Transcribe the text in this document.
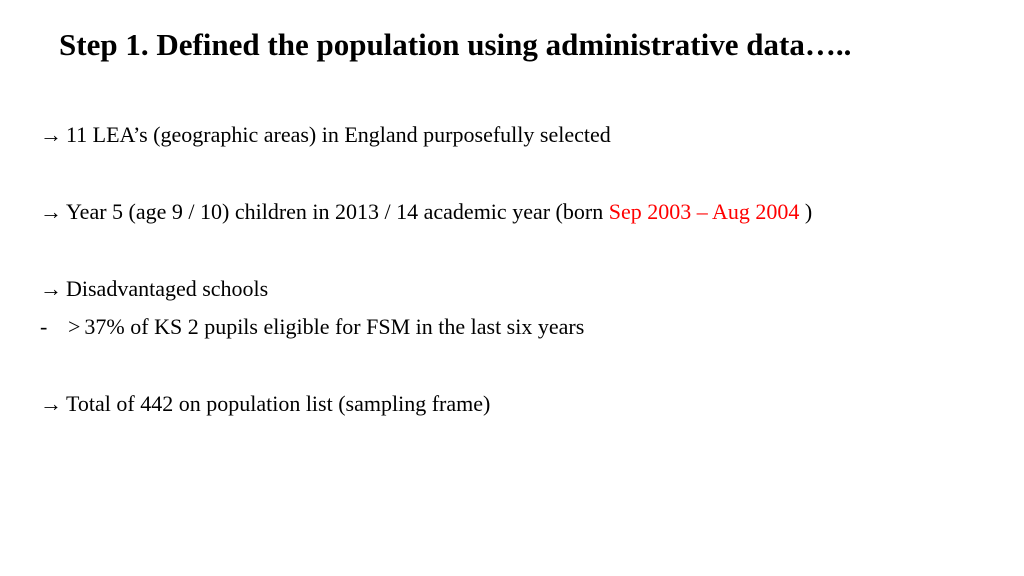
Step 1. Defined the population using administrative data…..
→ 11 LEA’s (geographic areas) in England purposefully selected
→ Year 5 (age 9 / 10) children in 2013 / 14 academic year (born Sep 2003 – Aug 2004 )
→ Disadvantaged schools
- > 37% of KS 2 pupils eligible for FSM in the last six years
→ Total of 442 on population list (sampling frame)
